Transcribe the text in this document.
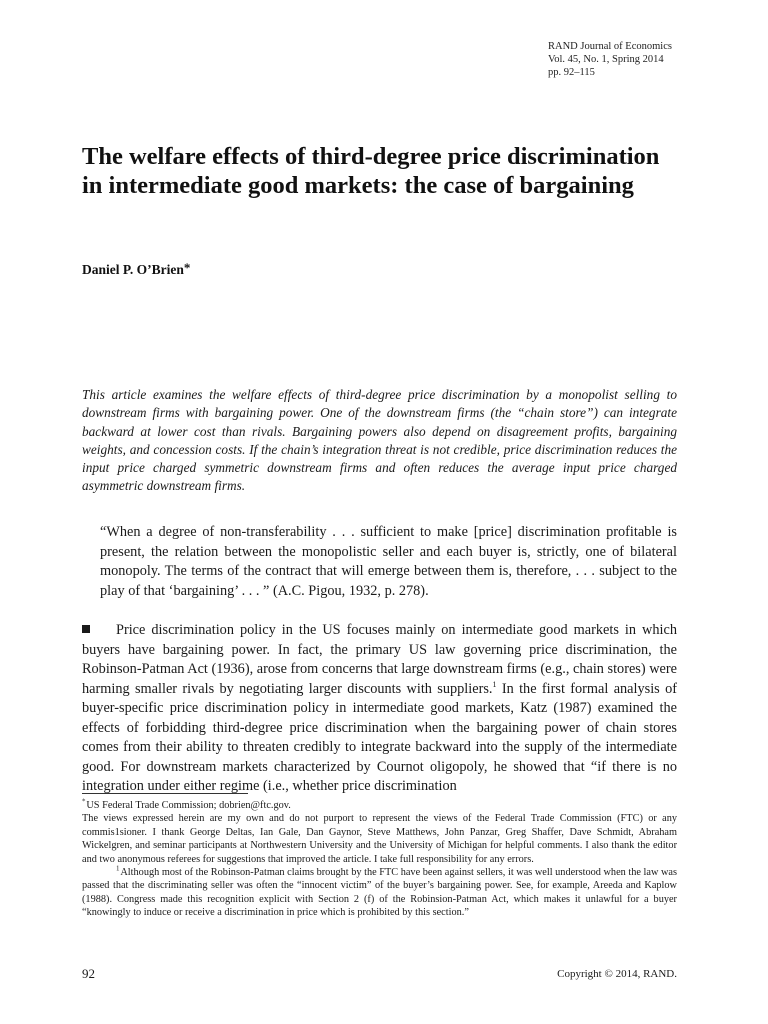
RAND Journal of Economics
Vol. 45, No. 1, Spring 2014
pp. 92–115
The welfare effects of third-degree price discrimination in intermediate good markets: the case of bargaining
Daniel P. O’Brien*

This article examines the welfare effects of third-degree price discrimination by a monopolist selling to downstream firms with bargaining power. One of the downstream firms (the “chain store”) can integrate backward at lower cost than rivals. Bargaining powers also depend on disagreement profits, bargaining weights, and concession costs. If the chain’s integration threat is not credible, price discrimination reduces the input price charged symmetric downstream firms and often reduces the average input price charged asymmetric downstream firms.

“When a degree of non-transferability . . . sufficient to make [price] discrimination profitable is present, the relation between the monopolistic seller and each buyer is, strictly, one of bilateral monopoly. The terms of the contract that will emerge between them is, therefore, . . . subject to the play of that ‘bargaining’ . . . ” (A.C. Pigou, 1932, p. 278).

Price discrimination policy in the US focuses mainly on intermediate good markets in which buyers have bargaining power. In fact, the primary US law governing price discrimination, the Robinson-Patman Act (1936), arose from concerns that large downstream firms (e.g., chain stores) were harming smaller rivals by negotiating larger discounts with suppliers.$^1$ In the first formal analysis of buyer-specific price discrimination policy in intermediate good markets, Katz (1987) examined the effects of forbidding third-degree price discrimination when the bargaining power of chain stores comes from their ability to threaten credibly to integrate backward into the supply of the intermediate good. For downstream markets characterized by Cournot oligopoly, he showed that “if there is no integration under either regime (i.e., whether price discrimination

* US Federal Trade Commission; dobrien@ftc.gov.

The views expressed herein are my own and do not purport to represent the views of the Federal Trade Commission (FTC) or any commis1sioner. I thank George Deltas, Ian Gale, Dan Gaynor, Steve Matthews, John Panzar, Greg Shaffer, Dave Schmidt, Abraham Wickelgren, and seminar participants at Northwestern University and the University of Michigan for helpful comments. I also thank the editor and two anonymous referees for suggestions that improved the article. I take full responsibility for any errors.

$^1$ Although most of the Robinson-Patman claims brought by the FTC have been against sellers, it was well understood when the law was passed that the discriminating seller was often the “innocent victim” of the buyer’s bargaining power. See, for example, Areeda and Kaplow (1988). Congress made this recognition explicit with Section 2 (f) of the Robinsion-Patman Act, which makes it unlawful for a buyer “knowingly to induce or receive a discrimination in price which is prohibited by this section.”

92	Copyright © 2014, RAND.
